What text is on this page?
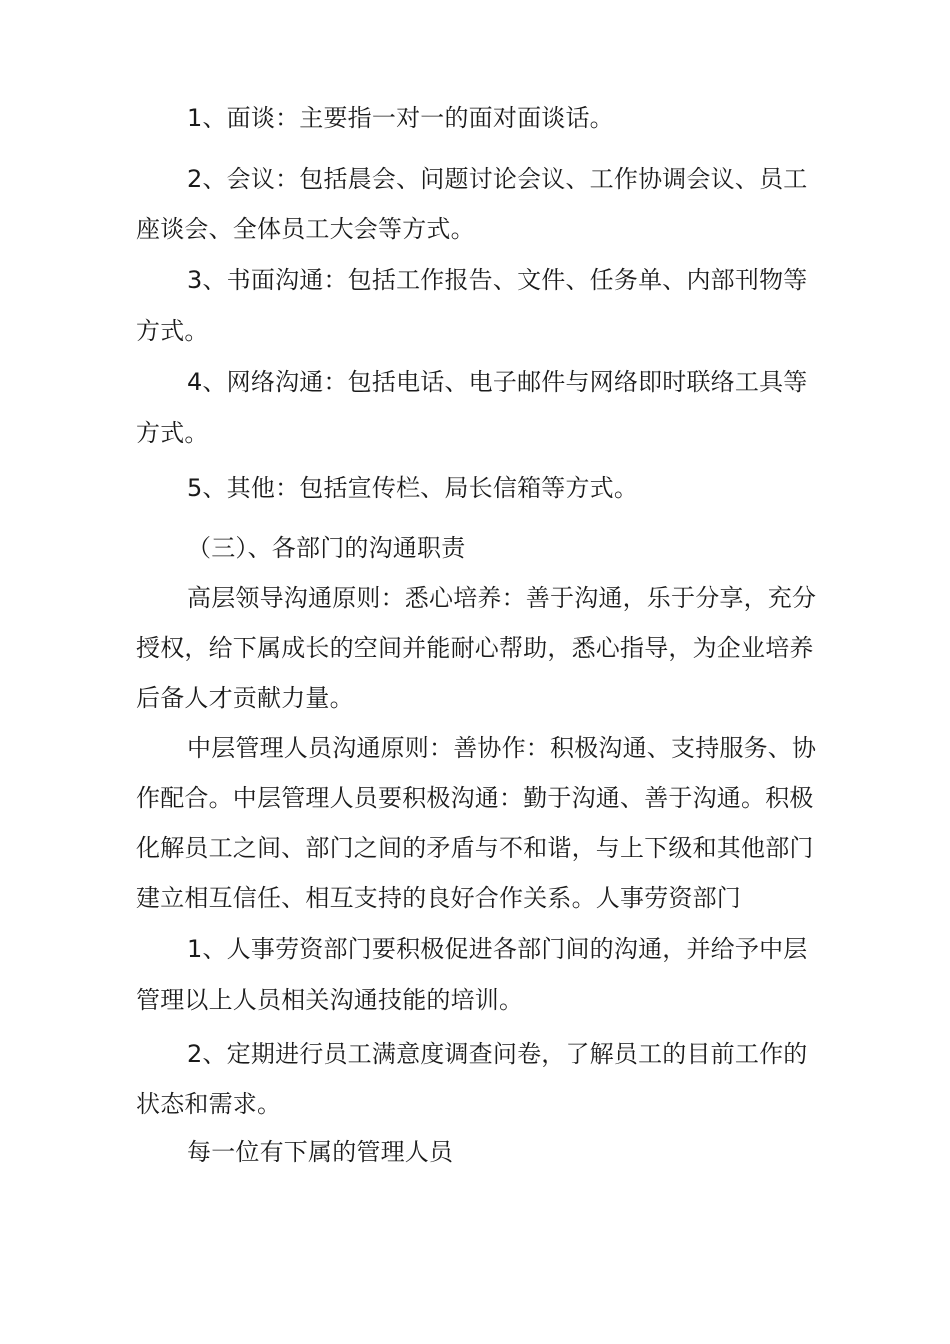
1、面谈：主要指一对一的面对面谈话。
2、会议：包括晨会、问题讨论会议、工作协调会议、员工
座谈会、全体员工大会等方式。
3、书面沟通：包括工作报告、文件、任务单、内部刊物等
方式。
4、网络沟通：包括电话、电子邮件与网络即时联络工具等
方式。
5、其他：包括宣传栏、局长信箱等方式。
（三）、各部门的沟通职责
高层领导沟通原则：悉心培养：善于沟通，乐于分享，充分
授权，给下属成长的空间并能耐心帮助，悉心指导，为企业培养
后备人才贡献力量。
中层管理人员沟通原则：善协作：积极沟通、支持服务、协
作配合。中层管理人员要积极沟通：勤于沟通、善于沟通。积极
化解员工之间、部门之间的矛盾与不和谐，与上下级和其他部门
建立相互信任、相互支持的良好合作关系。人事劳资部门
1、人事劳资部门要积极促进各部门间的沟通，并给予中层
管理以上人员相关沟通技能的培训。
2、定期进行员工满意度调查问卷，了解员工的目前工作的
状态和需求。
每一位有下属的管理人员
